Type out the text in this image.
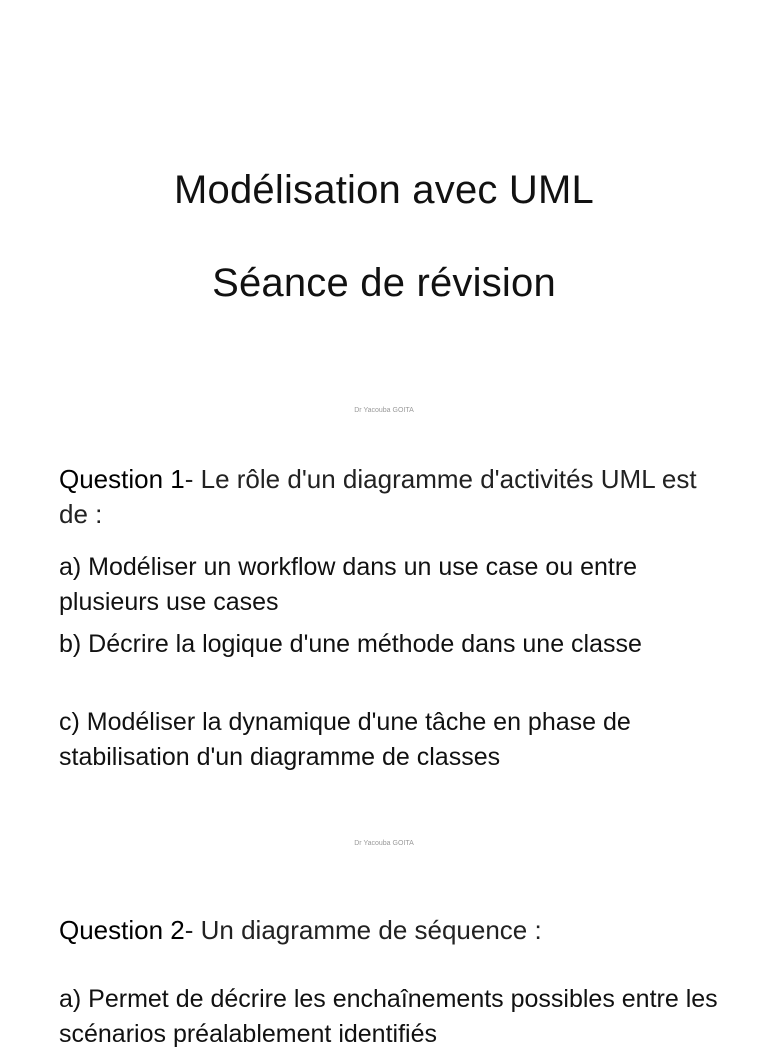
Modélisation avec UML
Séance de révision
Dr Yacouba GOITA

Question 1- Le rôle d'un diagramme d'activités UML est de :

a) Modéliser un workflow dans un use case ou entre plusieurs use cases

b) Décrire la logique d'une méthode dans une classe

c) Modéliser la dynamique d'une tâche en phase de stabilisation d'un diagramme de classes

Dr Yacouba GOITA

Question 2- Un diagramme de séquence :

a) Permet de décrire les enchaînements possibles entre les scénarios préalablement identifiés
